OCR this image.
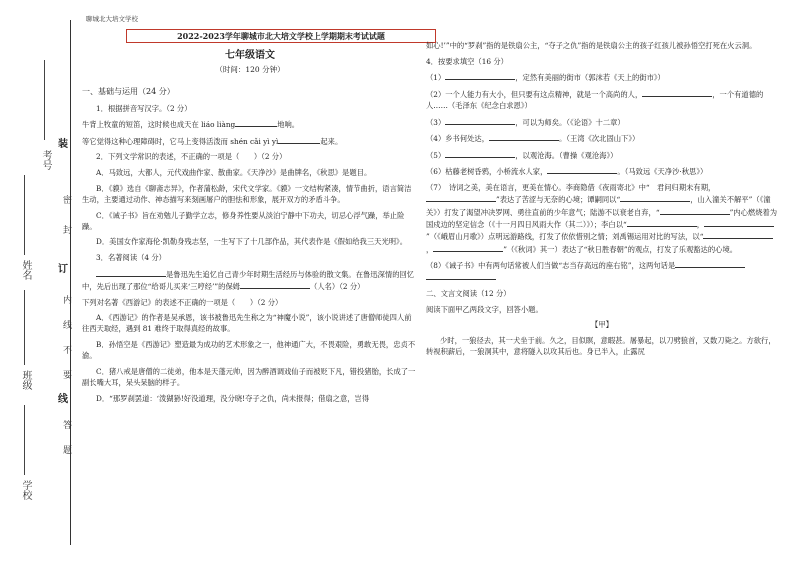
考号
姓名
班级
学校
装
订
线
密
封
线
内
不
要
答
题
聊城北大培文学校
2022-2023学年聊城市北大培文学校上学期期末考试试题
七年级语文
（时间：120 分钟）

一、基础与运用（24 分）

1．根据拼音写汉字。（2 分）

牛背上牧童的短笛，这时候也成天在 liáo liàng	地响。

等它觉得这种心理障碍时，它马上变得活泼而 shén cǎi yì yì	起来。

2．下列文学常识的表述，不正确的一项是（　　）（2 分）

A．马致远，大都人，元代戏曲作家、散曲家。《天净沙》是曲牌名，《秋思》是题目。

B．《貘》选自《聊斋志异》，作者蒲松龄，宋代文学家。《貘》一文结构紧凑，情节曲折，语言简洁生动，主要通过动作、神态描写来刻画屠户的胆怯和形象，展开双方的矛盾斗争。

C．《诫子书》旨在劝勉儿子勤学立志，修身养性要从淡泊宁静中下功夫，切忌心浮气躁，举止险躁。

D．美国女作家海伦·凯勒身残志坚，一生写下了十几部作品，其代表作是《假如给我三天光明》。

3．名著阅读（4 分）

是鲁迅先生追忆自己青少年时期生活经历与体验的散文集。在鲁迅深情的回忆中，先后出现了那位“给哥儿买来‘三哼经’”的保姆	（人名）（2 分）

下列对名著《西游记》的表述不正确的一项是（　　）（2 分）

A．《西游记》的作者是吴承恩，该书被鲁迅先生称之为“神魔小说”，该小说讲述了唐僧师徒四人前往西天取经，遇到 81 难终于取得真经的故事。

B．孙悟空是《西游记》塑造最为成功的艺术形象之一，他神通广大，不畏艰险，勇敢无畏，忠贞不渝。

C．猪八戒是唐僧的二徒弟，他本是天蓬元帅，因为醉酒调戏仙子而被贬下凡，错投猪胎，长成了一副长嘴大耳，呆头呆脑的样子。

D．“那罗刹罢道：‘泼猢狲!好没道理，没分晓!夺子之仇，尚未报得；借扇之意，岂得

如心!’”中的“罗刹”指的是铁扇公主，“夺子之仇”指的是铁扇公主的孩子红孩儿被孙悟空打死在火云洞。

4．按要求填空（16 分）

（1）	，定然有美丽的街市（郭沫若《天上的街市》）

（2）一个人能力有大小，但只要有这点精神，就是一个高尚的人，	，一个有道德的人……（毛泽东《纪念白求恩》）

（3）	，可以为师矣。（《论语》十二章）

（4）乡书何处达，	。（王湾《次北固山下》）

（5）	，以观沧海。（曹操《观沧海》）

（6）枯藤老树昏鸦，小桥流水人家，	。（马致远《天净沙·秋思》）

（7）　诗词之美，美在语言，更美在情心。李商隐借《夜雨寄北》中“　君问归期未有期，”表达了苦涩与无奈的心境；谭嗣同以“	，山入潼关不解平”（《潼关》）打发了渴望冲决罗网、勇往直前的少年意气；陆游不以衰老自弃，“	”内心燃烧着为国戍边的坚定信念（《十一月四日风雨大作（其二）》）；李白以“	，”（《峨眉山月歌》）点明远游路线，打发了依依惜别之情；刘禹锡运用对比的写法，以“，	”（《秋词》其一）表达了“秋日胜春朝”的观点，打发了乐观豁达的心境。

（8）《诫子书》中有两句话常被人们当做“志当存高远的座右铭”，这两句话是

二、文言文阅读（12 分）

阅读下面甲乙两段文字，回答小题。

【甲】

少时，一狼径去，其一犬坐于前。久之，目似瞑，意暇甚。屠暴起，以刀劈狼首，又数刀毙之。方欲行，转视积薪后，一狼洞其中，意将隧入以攻其后也。身已半入，止露尻
